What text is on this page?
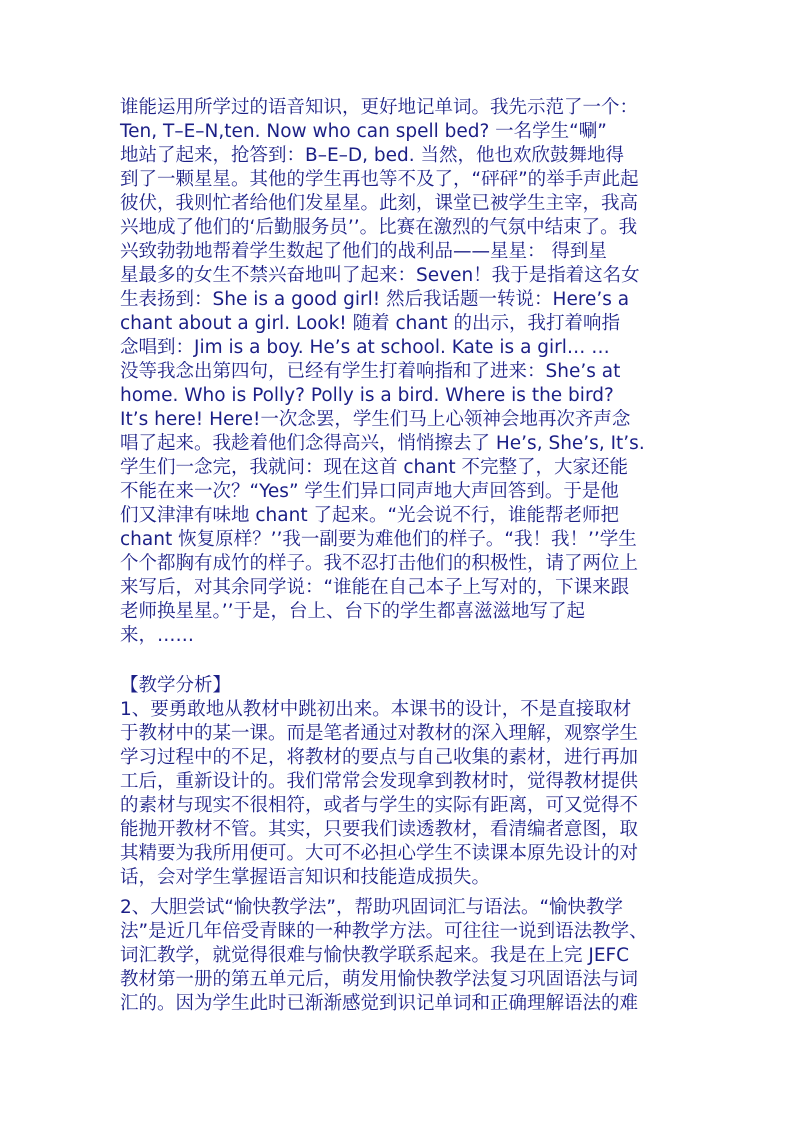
谁能运用所学过的语音知识，更好地记单词。我先示范了一个：

Ten, T–E–N,ten. Now who can spell bed? 一名学生“唰”

地站了起来，抢答到：B–E–D, bed. 当然，他也欢欣鼓舞地得

到了一颗星星。其他的学生再也等不及了，“砰砰”的举手声此起

彼伏，我则忙者给他们发星星。此刻，课堂已被学生主宰，我高

兴地成了他们的‘后勤服务员’’。比赛在激烈的气氛中结束了。我

兴致勃勃地帮着学生数起了他们的战利品——星星： 得到星

星最多的女生不禁兴奋地叫了起来：Seven！我于是指着这名女

生表扬到：She is a good girl! 然后我话题一转说：Here’s a

chant about a girl. Look! 随着 chant 的出示，我打着响指

念唱到：Jim is a boy. He’s at school. Kate is a girl… …

没等我念出第四句，已经有学生打着响指和了进来：She’s at

home. Who is Polly? Polly is a bird. Where is the bird?

It’s here! Here!一次念罢，学生们马上心领神会地再次齐声念

唱了起来。我趁着他们念得高兴，悄悄擦去了 He’s, She’s, It’s.

学生们一念完，我就问：现在这首 chant 不完整了，大家还能

不能在来一次？“Yes” 学生们异口同声地大声回答到。于是他

们又津津有味地 chant 了起来。“光会说不行，谁能帮老师把

chant 恢复原样？’’我一副要为难他们的样子。“我！我！’’学生

个个都胸有成竹的样子。我不忍打击他们的积极性，请了两位上

来写后，对其余同学说：“谁能在自己本子上写对的，下课来跟

老师换星星。’’于是，台上、台下的学生都喜滋滋地写了起

来，……

【教学分析】

1、要勇敢地从教材中跳初出来。本课书的设计，不是直接取材

于教材中的某一课。而是笔者通过对教材的深入理解，观察学生

学习过程中的不足，将教材的要点与自己收集的素材，进行再加

工后，重新设计的。我们常常会发现拿到教材时，觉得教材提供

的素材与现实不很相符，或者与学生的实际有距离，可又觉得不

能抛开教材不管。其实，只要我们读透教材，看清编者意图，取

其精要为我所用便可。大可不必担心学生不读课本原先设计的对

话，会对学生掌握语言知识和技能造成损失。

2、大胆尝试“愉快教学法”，帮助巩固词汇与语法。“愉快教学

法”是近几年倍受青睐的一种教学方法。可往往一说到语法教学、

词汇教学，就觉得很难与愉快教学联系起来。我是在上完 JEFC

教材第一册的第五单元后，萌发用愉快教学法复习巩固语法与词

汇的。因为学生此时已渐渐感觉到识记单词和正确理解语法的难
